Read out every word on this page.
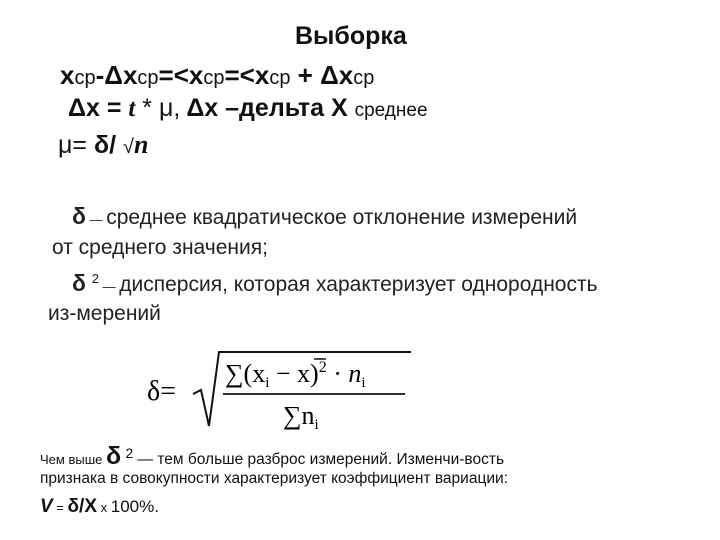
Выборка
xср-Δxср=<xср=<xср + Δxср
Δx = t * μ, Δx –дельта X среднее
μ= δ/ √n
δ — среднее квадратическое отклонение измерений
от среднего значения;
δ $^2$ — дисперсия, которая характеризует однородность
из-мерений
δ=
∑(xi − x)$^2$ · ni
∑ni
Чем выше δ $^2$ — тем больше разброс измерений. Изменчи-вость
признака в совокупности характеризует коэффициент вариации:
V = δ/X x 100%.
